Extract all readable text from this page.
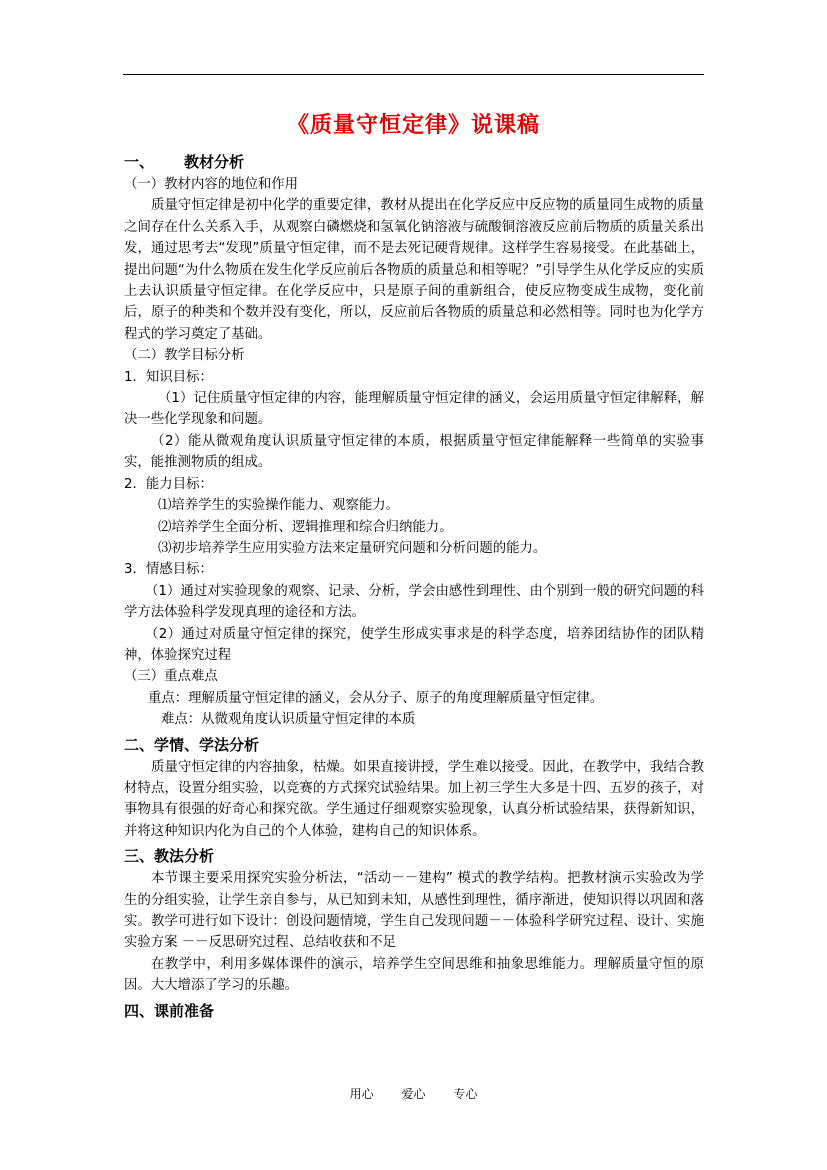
《质量守恒定律》说课稿
一、 教材分析
（一）教材内容的地位和作用
质量守恒定律是初中化学的重要定律，教材从提出在化学反应中反应物的质量同生成物的质量之间存在什么关系入手，从观察白磷燃烧和氢氧化钠溶液与硫酸铜溶液反应前后物质的质量关系出发，通过思考去“发现”质量守恒定律，而不是去死记硬背规律。这样学生容易接受。在此基础上，提出问题“为什么物质在发生化学反应前后各物质的质量总和相等呢？”引导学生从化学反应的实质上去认识质量守恒定律。在化学反应中，只是原子间的重新组合，使反应物变成生成物，变化前后，原子的种类和个数并没有变化，所以，反应前后各物质的质量总和必然相等。同时也为化学方程式的学习奠定了基础。
（二）教学目标分析
1．知识目标：
（1）记住质量守恒定律的内容，能理解质量守恒定律的涵义，会运用质量守恒定律解释，解决一些化学现象和问题。
（2）能从微观角度认识质量守恒定律的本质，根据质量守恒定律能解释一些简单的实验事实，能推测物质的组成。
2．能力目标：
⑴培养学生的实验操作能力、观察能力。
⑵培养学生全面分析、逻辑推理和综合归纳能力。
⑶初步培养学生应用实验方法来定量研究问题和分析问题的能力。
3．情感目标：
（1）通过对实验现象的观察、记录、分析，学会由感性到理性、由个别到一般的研究问题的科学方法体验科学发现真理的途径和方法。
（2）通过对质量守恒定律的探究，使学生形成实事求是的科学态度，培养团结协作的团队精神，体验探究过程
（三）重点难点
重点：理解质量守恒定律的涵义，会从分子、原子的角度理解质量守恒定律。
难点：从微观角度认识质量守恒定律的本质
二、学情、学法分析
质量守恒定律的内容抽象，枯燥。如果直接讲授，学生难以接受。因此，在教学中，我结合教材特点，设置分组实验，以竞赛的方式探究试验结果。加上初三学生大多是十四、五岁的孩子，对事物具有很强的好奇心和探究欲。学生通过仔细观察实验现象，认真分析试验结果，获得新知识，并将这种知识内化为自己的个人体验，建构自己的知识体系。
三、教法分析
本节课主要采用探究实验分析法，“活动－－建构” 模式的教学结构。把教材演示实验改为学生的分组实验，让学生亲自参与，从已知到未知，从感性到理性，循序渐进，使知识得以巩固和落实。教学可进行如下设计：创设问题情境，学生自己发现问题－－体验科学研究过程、设计、实施实验方案 －－反思研究过程、总结收获和不足
在教学中，利用多媒体课件的演示，培养学生空间思维和抽象思维能力。理解质量守恒的原因。大大增添了学习的乐趣。
四、课前准备
用心 爱心 专心
